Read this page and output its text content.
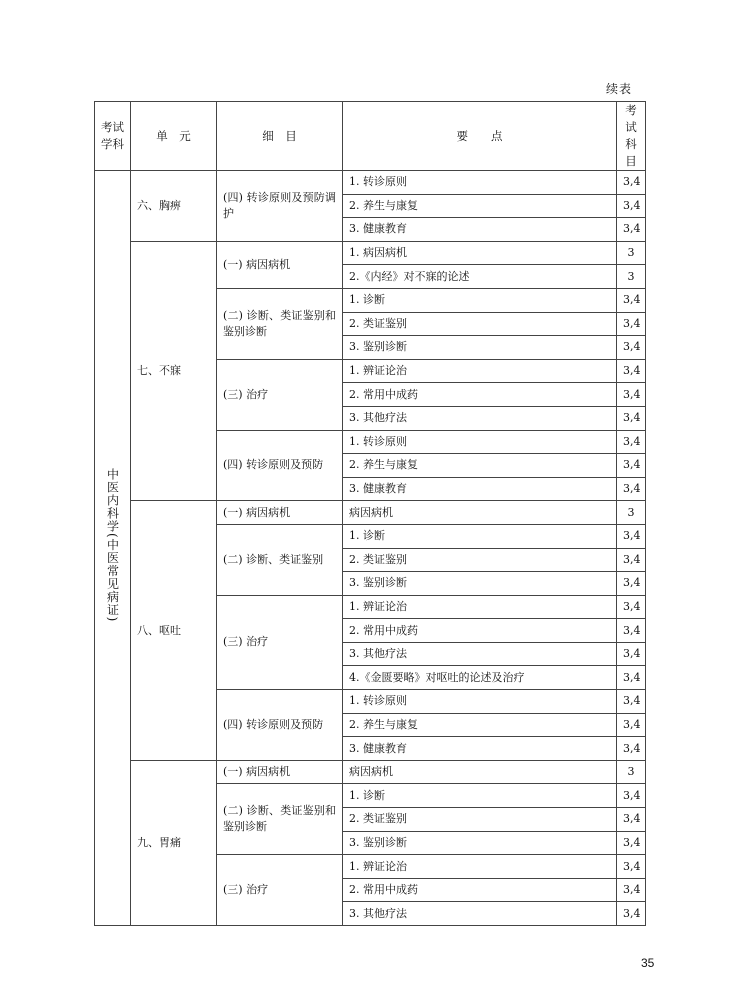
续表
考试学科	单　元	细　目	要　　点	考试科目
中医内科学(中医常见病证)	六、胸痹	(四) 转诊原则及预防调护	1. 转诊原则	3,4
			2. 养生与康复	3,4
			3. 健康教育	3,4
	七、不寐	(一) 病因病机	1. 病因病机	3
			2.《内经》对不寐的论述	3
		(二) 诊断、类证鉴别和鉴别诊断	1. 诊断	3,4
			2. 类证鉴别	3,4
			3. 鉴别诊断	3,4
		(三) 治疗	1. 辨证论治	3,4
			2. 常用中成药	3,4
			3. 其他疗法	3,4
		(四) 转诊原则及预防	1. 转诊原则	3,4
			2. 养生与康复	3,4
			3. 健康教育	3,4
	八、呕吐	(一) 病因病机	病因病机	3
		(二) 诊断、类证鉴别	1. 诊断	3,4
			2. 类证鉴别	3,4
			3. 鉴别诊断	3,4
		(三) 治疗	1. 辨证论治	3,4
			2. 常用中成药	3,4
			3. 其他疗法	3,4
			4.《金匮要略》对呕吐的论述及治疗	3,4
		(四) 转诊原则及预防	1. 转诊原则	3,4
			2. 养生与康复	3,4
			3. 健康教育	3,4
	九、胃痛	(一) 病因病机	病因病机	3
		(二) 诊断、类证鉴别和鉴别诊断	1. 诊断	3,4
			2. 类证鉴别	3,4
			3. 鉴别诊断	3,4
		(三) 治疗	1. 辨证论治	3,4
			2. 常用中成药	3,4
			3. 其他疗法	3,4
35
